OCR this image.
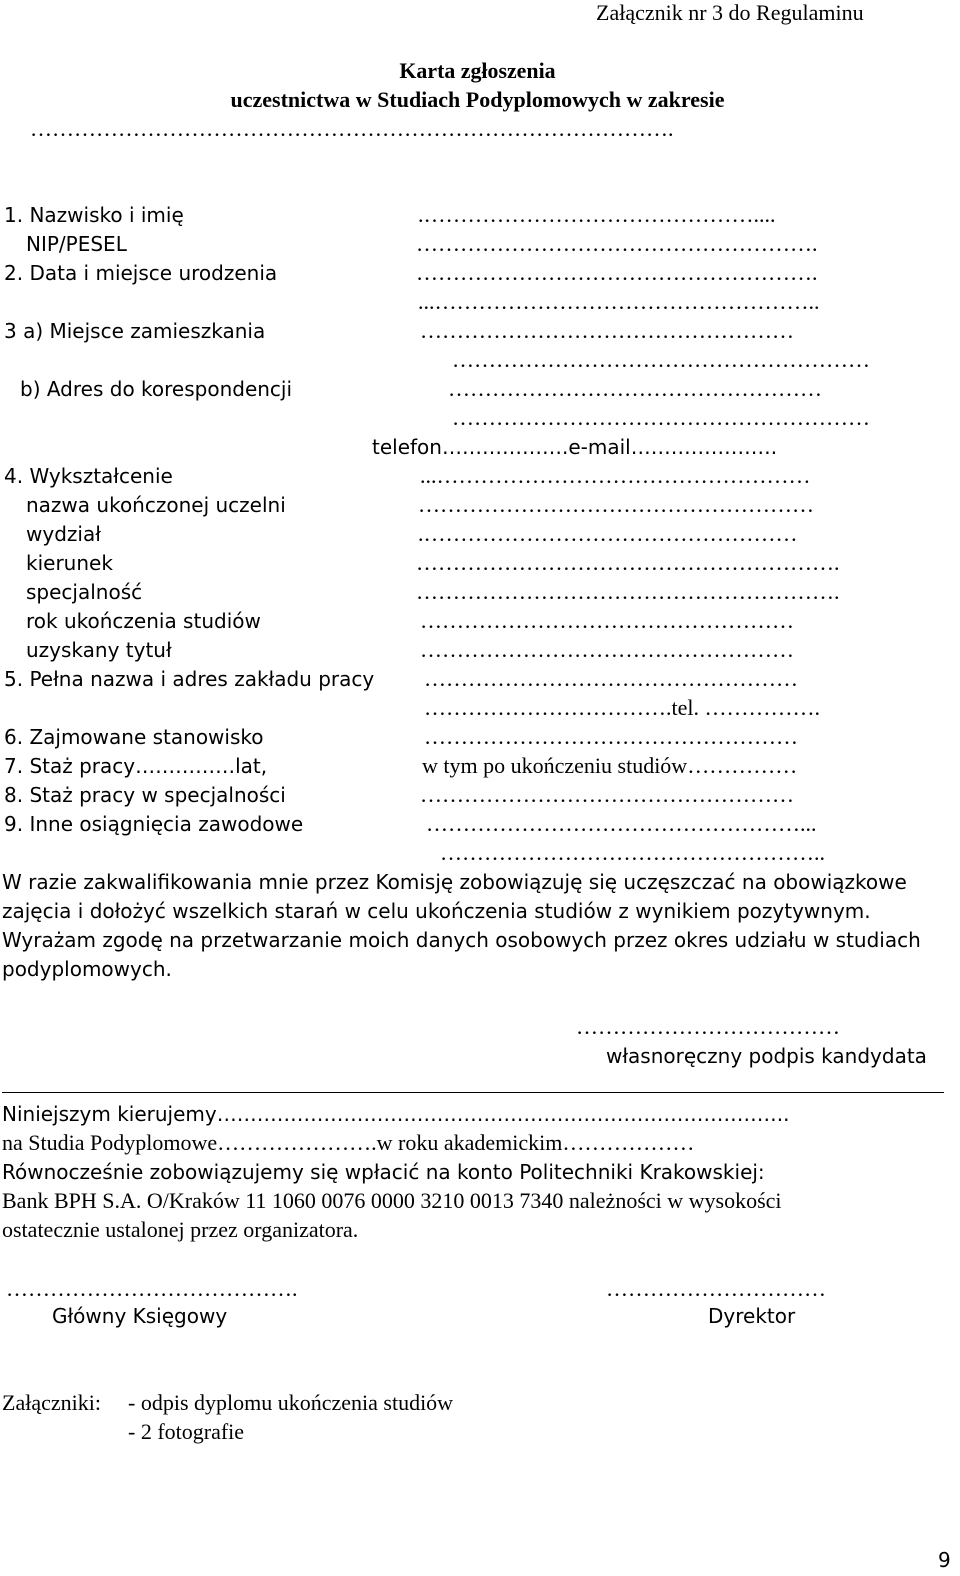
Załącznik nr 3 do Regulaminu
Karta zgłoszenia
uczestnictwa w Studiach Podyplomowych w zakresie
…………………………………………………………………………….
1. Nazwisko i imię
NIP/PESEL
2. Data i miejsce urodzenia
3 a) Miejsce zamieszkania
b) Adres do korespondencji
4. Wykształcenie
nazwa ukończonej uczelni
wydział
kierunek
specjalność
rok ukończenia studiów
uzyskany tytuł
5. Pełna nazwa i adres zakładu pracy
6. Zajmowane stanowisko
7. Staż pracy……………lat,
8. Staż pracy w specjalności
9. Inne osiągnięcia zawodowe
.………………………………………....
……………………………………………….
……………………………………………….
...……………………………………………..
……………………………………………
…………………………………………………
……………………………………………
…………………………………………………
telefon……………….e-mail………………….
...……………………………………………
………………………………………………
.……………………………………………
………………………………………………….
………………………………………………….
……………………………………………
……………………………………………
……………………………………………
…………………………….tel. …………….
……………………………………………
w tym po ukończeniu studiów……………
……………………………………………
……………………………………………...
……………………………………………..
W razie zakwalifikowania mnie przez Komisję zobowiązuję się uczęszczać na obowiązkowe
zajęcia i dołożyć wszelkich starań w celu ukończenia studiów z wynikiem pozytywnym.
Wyrażam zgodę na przetwarzanie moich danych osobowych przez okres udziału w studiach
podyplomowych.
………………………………
własnoręczny podpis kandydata
Niniejszym kierujemy…………………………………………………………………………..
na Studia Podyplomowe………………….w roku akademickim………………
Równocześnie zobowiązujemy się wpłacić na konto Politechniki Krakowskiej:
Bank BPH S.A. O/Kraków 11 1060 0076 0000 3210 0013 7340 należności w wysokości
ostatecznie ustalonej przez organizatora.
………………………………….
Główny Księgowy
…………………………
Dyrektor
Załączniki: - odpis dyplomu ukończenia studiów
- 2 fotografie
9
